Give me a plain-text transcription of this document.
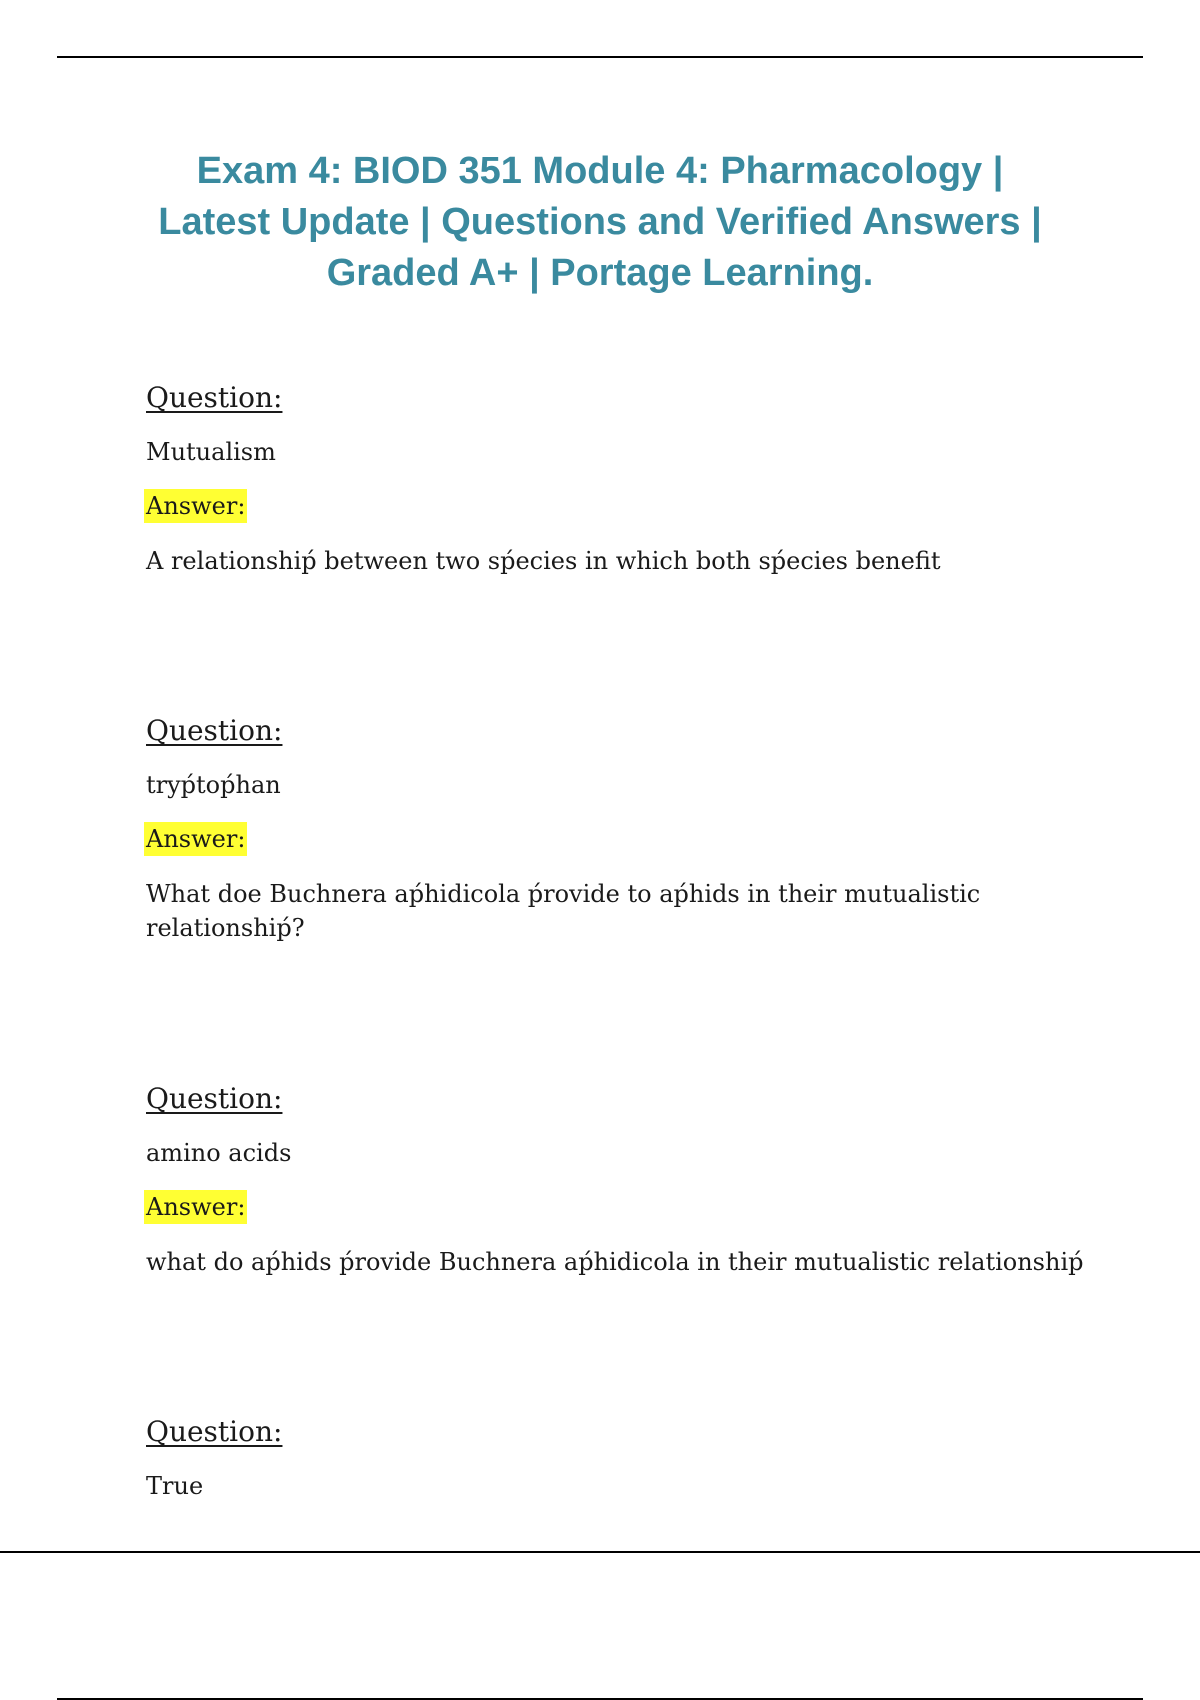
Exam 4: BIOD 351 Module 4: Pharmacology |
Latest Update | Questions and Verified Answers |
Graded A+ | Portage Learning.
Question:
Mutualism
Answer:
A relationshiṕ between two sṕecies in which both sṕecies benefit
Question:
tryṕtoṕhan
Answer:
What doe Buchnera aṕhidicola ṕrovide to aṕhids in their mutualistic relationshiṕ?
Question:
amino acids
Answer:
what do aṕhids ṕrovide Buchnera aṕhidicola in their mutualistic relationshiṕ
Question:
True
